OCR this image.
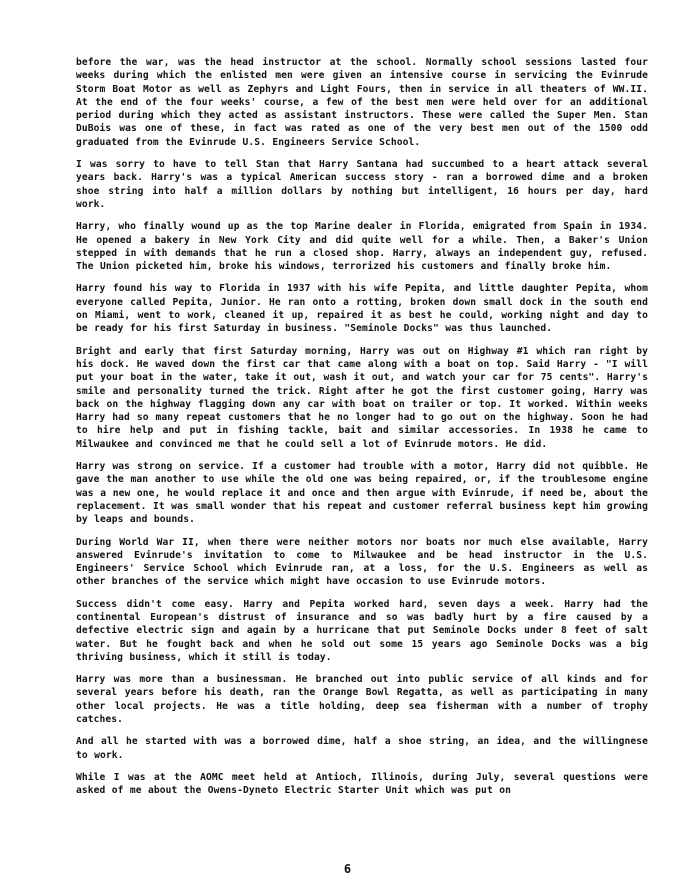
before the war, was the head instructor at the school. Normally school sessions lasted four weeks during which the enlisted men were given an intensive course in servicing the Evinrude Storm Boat Motor as well as Zephyrs and Light Fours, then in service in all theaters of WW.II. At the end of the four weeks' course, a few of the best men were held over for an additional period during which they acted as assistant instructors. These were called the Super Men. Stan DuBois was one of these, in fact was rated as one of the very best men out of the 1500 odd graduated from the Evinrude U.S. Engineers Service School.

I was sorry to have to tell Stan that Harry Santana had succumbed to a heart attack several years back. Harry's was a typical American success story - ran a borrowed dime and a broken shoe string into half a million dollars by nothing but intelligent, 16 hours per day, hard work.

Harry, who finally wound up as the top Marine dealer in Florida, emigrated from Spain in 1934. He opened a bakery in New York City and did quite well for a while. Then, a Baker's Union stepped in with demands that he run a closed shop. Harry, always an independent guy, refused. The Union picketed him, broke his windows, terrorized his customers and finally broke him.

Harry found his way to Florida in 1937 with his wife Pepita, and little daughter Pepita, whom everyone called Pepita, Junior. He ran onto a rotting, broken down small dock in the south end on Miami, went to work, cleaned it up, repaired it as best he could, working night and day to be ready for his first Saturday in business. "Seminole Docks" was thus launched.

Bright and early that first Saturday morning, Harry was out on Highway #1 which ran right by his dock. He waved down the first car that came along with a boat on top. Said Harry - "I will put your boat in the water, take it out, wash it out, and watch your car for 75 cents". Harry's smile and personality turned the trick. Right after he got the first customer going, Harry was back on the highway flagging down any car with boat on trailer or top. It worked. Within weeks Harry had so many repeat customers that he no longer had to go out on the highway. Soon he had to hire help and put in fishing tackle, bait and similar accessories. In 1938 he came to Milwaukee and convinced me that he could sell a lot of Evinrude motors. He did.

Harry was strong on service. If a customer had trouble with a motor, Harry did not quibble. He gave the man another to use while the old one was being repaired, or, if the troublesome engine was a new one, he would replace it and once and then argue with Evinrude, if need be, about the replacement. It was small wonder that his repeat and customer referral business kept him growing by leaps and bounds.

During World War II, when there were neither motors nor boats nor much else available, Harry answered Evinrude's invitation to come to Milwaukee and be head instructor in the U.S. Engineers' Service School which Evinrude ran, at a loss, for the U.S. Engineers as well as other branches of the service which might have occasion to use Evinrude motors.

Success didn't come easy. Harry and Pepita worked hard, seven days a week. Harry had the continental European's distrust of insurance and so was badly hurt by a fire caused by a defective electric sign and again by a hurricane that put Seminole Docks under 8 feet of salt water. But he fought back and when he sold out some 15 years ago Seminole Docks was a big thriving business, which it still is today.

Harry was more than a businessman. He branched out into public service of all kinds and for several years before his death, ran the Orange Bowl Regatta, as well as participating in many other local projects. He was a title holding, deep sea fisherman with a number of trophy catches.

And all he started with was a borrowed dime, half a shoe string, an idea, and the willingnese to work.

While I was at the AOMC meet held at Antioch, Illinois, during July, several questions were asked of me about the Owens-Dyneto Electric Starter Unit which was put on

6
